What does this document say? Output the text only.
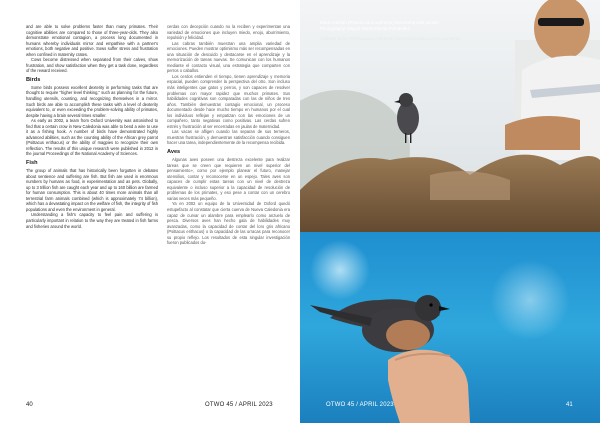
and are able to solve problems faster than many primates. Their cognitive abilities are compared to those of three-year-olds. They also demonstrate emotional contagion, a process long documented in humans whereby individuals mirror and empathise with a partner's emotions, both negative and positive. Sows suffer stress and frustration when confined in maternity crates.

Cows become distressed when separated from their calves, show frustration, and show satisfaction when they get a task done, regardless of the reward received.

Birds

Some birds possess excellent dexterity in performing tasks that are thought to require "higher level thinking," such as planning for the future, handling utensils, counting, and recognizing themselves in a mirror. Such birds are able to accomplish these tasks with a level of dexterity equivalent to, or even exceeding the problem-solving ability of primates, despite having a brain several times smaller.

As early as 2002, a team from Oxford University was astonished to find that a certain crow in New Caledonia was able to bend a wire to use it as a fishing hook. A number of birds have demonstrated highly advanced abilities, such as the counting ability of the African grey parrot (Psittacus erithacus) or the ability of magpies to recognize their own reflection. The results of this unique research were published in 2012 in the journal Proceedings of the National Academy of Sciences.

Fish

The group of animals that has historically been forgotten in debates about sentience and suffering are fish. But fish are used in enormous numbers by humans as food, in experimentation and as pets. Globally, up to 3 trillion fish are caught each year and up to 160 billion are farmed for human consumption. This is about 40 times more animals than all terrestrial farm animals combined (which is approximately 74 billion), which has a devastating impact on the welfare of fish, the integrity of fish populations and even the environment in general.

Understanding a fish's capacity to feel pain and suffering is particularly important in relation to the way they are treated in fish farms and fisheries around the world.

cerdas con decepción cuando no la reciben y experimentan una variedad de emociones que incluyen miedo, enojo, aburrimiento, repulsión y felicidad.

Las cabras también muestran una amplia variedad de emociones. Pueden mostrar optimismo más ser recompensadas en una situación de descuido y destacarse en el aprendizaje y la memorización de tareas nuevas. Se comunican con los humanos mediante el contacto visual, una estrategia que comparten con perros o caballos.

Los cerdos entienden el tiempo, tienen aprendizaje y memoria espacial, pueden comprender la perspectiva del otro. Son incluso más inteligentes que gatos y perros, y son capaces de resolver problemas con mayor rapidez que muchos primates. Sus habilidades cognitivas son comparadas con las de niños de tres años. También demuestran contagio emocional, un proceso documentado desde hace mucho tiempo en humanos por el cual los individuos reflejan y empatizan con las emociones de un compañero, tanto negativas como positivas. Las cerdas sufren estrés y frustración al ser encerradas en jaulas de maternidad.

Las vacas se afligen cuando las separan de sus terneros, muestran frustración, y demuestran satisfacción cuando consiguen hacer una tarea, independientemente de la recompensa recibida.

Aves

Algunas aves poseen una destreza excelente para realizar tareas que se creen que requieren un nivel superior del pensamiento», como por ejemplo planear el futuro, manejar utensilios, contar y reconocerse en un espejo. Tales aves son capaces de cumplir estas tareas con un nivel de destreza equivalente o incluso superior a la capacidad de resolución de problemas de los primates, y eso pese a contar con un cerebro varias veces más pequeño.

Ya en 2002 un equipo de la Universidad de Oxford quedó estupefacto al constatar que cierta cuerva de Nueva Caledonia era capaz de curvar un alambre para emplearlo como anzuelo de pesca. Diversos aves han hecho gala de habilidades muy avanzadas, como la capacidad de contar del loro gris africano (Psittacus erithacus) o la capacidad de las urracas para reconocer su propio reflejo. Los resultados de esta singular investigación fueron publicados du-

40	OTWO 45 / APRIL 2023
Black redstart (Phoenicurus ochruros) interacting with people.
Photography: Miguel Oscar García Fernández
Colirrojo tizón (Phoenicurus ochruros) interaccionando con las personas.
OTWO 45 / APRIL 2023	41
